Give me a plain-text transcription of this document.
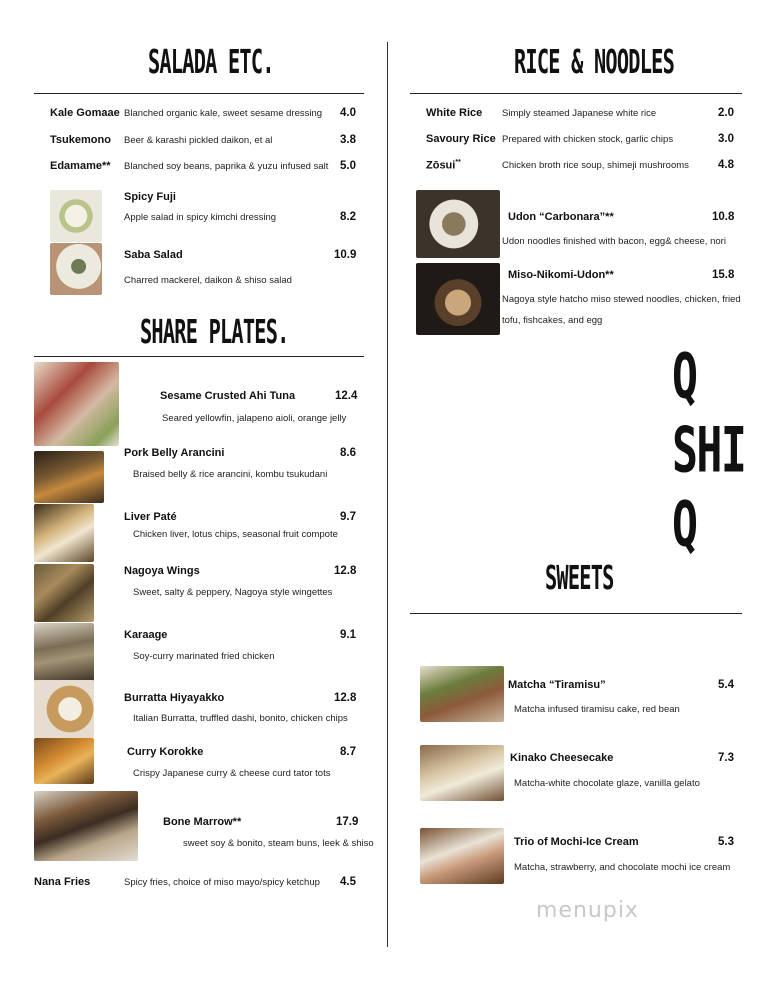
SALADA ETC.
Kale Gomaae Blanched organic kale, sweet sesame dressing 4.0
Tsukemono Beer & karashi pickled daikon, et al	3.8
Edamame** Blanched soy beans, paprika & yuzu infused salt 5.0
Spicy Fuji
Apple salad in spicy kimchi dressing	8.2
Saba Salad
Charred mackerel, daikon & shiso salad
10.9
SHARE PLATES.
Sesame Crusted Ahi Tuna
Seared yellowfin, jalapeno aioli, orange jelly
12.4
Pork Belly Arancini
Braised belly & rice arancini, kombu tsukudani
8.6
Liver Paté
Chicken liver, lotus chips, seasonal fruit compote
9.7
Nagoya Wings
Sweet, salty & peppery, Nagoya style wingettes
12.8
Karaage
Soy-curry marinated fried chicken
9.1
Burratta Hiyayakko
Italian Burratta, truffled dashi, bonito, chicken chips
12.8
Curry Korokke
Crispy Japanese curry & cheese curd tator tots
8.7
Bone Marrow**
sweet soy & bonito, steam buns, leek & shiso
17.9
Nana Fries	Spicy fries, choice of miso mayo/spicy ketchup 4.5
RICE & NOODLES
White Rice Simply steamed Japanese white rice	2.0
Savoury Rice Prepared with chicken stock, garlic chips	3.0
Zōsui**	Chicken broth rice soup, shimeji mushrooms	4.8
Udon “Carbonara”**
Udon noodles finished with bacon, egg& cheese, nori
10.8
Miso-Nikomi-Udon**
Nagoya style hatcho miso stewed noodles, chicken, fried
tofu, fishcakes, and egg
15.8
Q
SHI
Q
SWEETS
Matcha “Tiramisu”
Matcha infused tiramisu cake, red bean
5.4
Kinako Cheesecake
Matcha-white chocolate glaze, vanilla gelato
7.3
Trio of Mochi-Ice Cream
Matcha, strawberry, and chocolate mochi ice cream
5.3
menupix
